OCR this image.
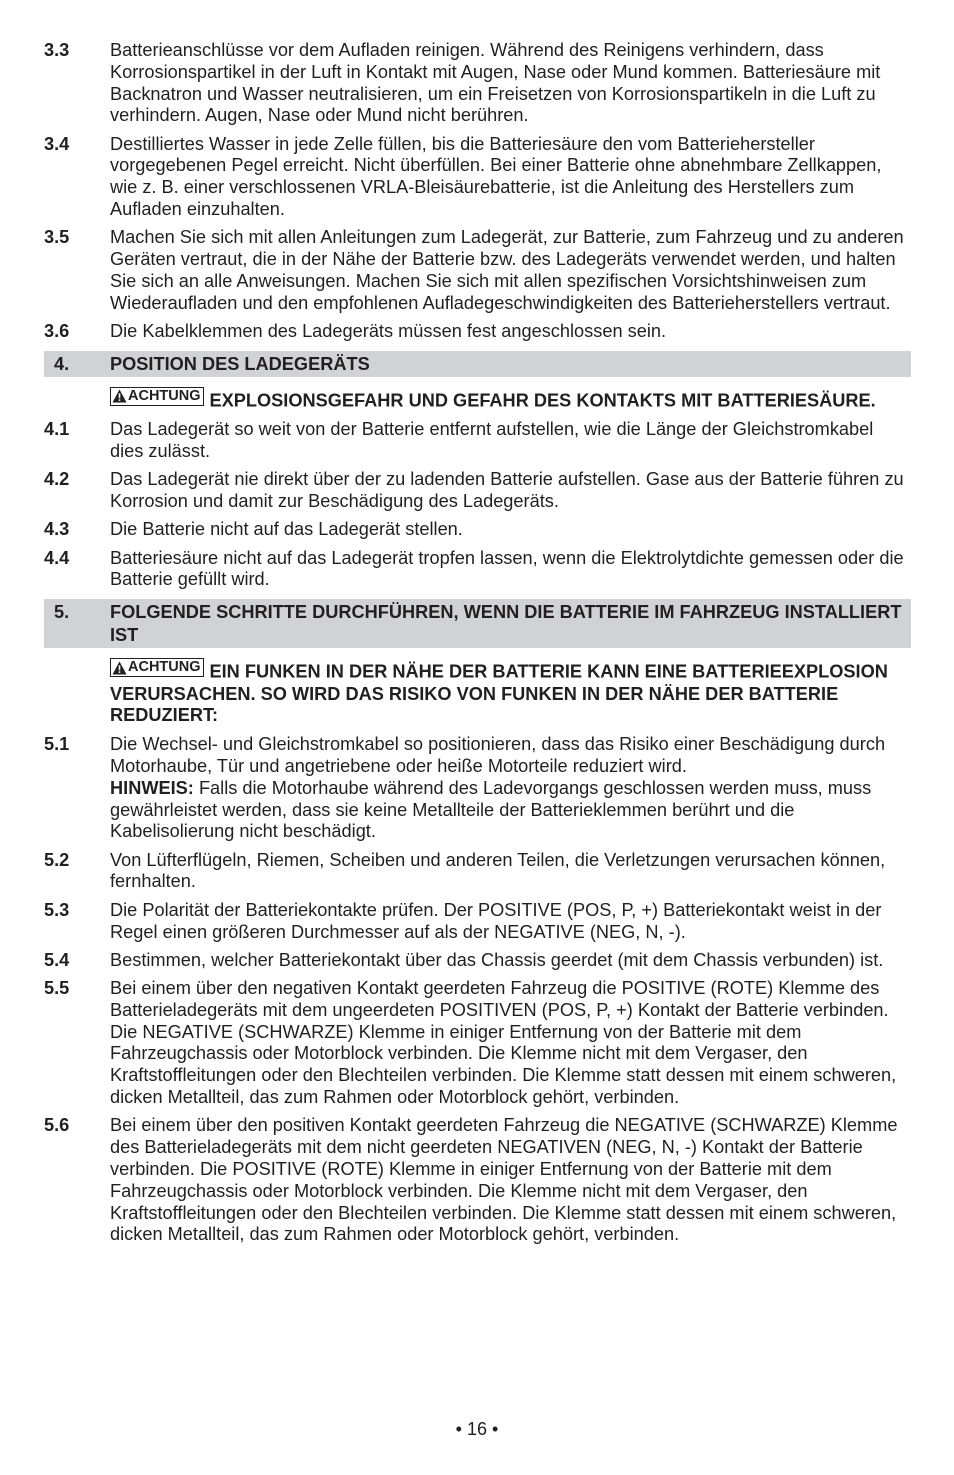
3.3	Batterieanschlüsse vor dem Aufladen reinigen. Während des Reinigens verhindern, dass Korrosionspartikel in der Luft in Kontakt mit Augen, Nase oder Mund kommen. Batteriesäure mit Backnatron und Wasser neutralisieren, um ein Freisetzen von Korrosionspartikeln in die Luft zu verhindern. Augen, Nase oder Mund nicht berühren.
3.4	Destilliertes Wasser in jede Zelle füllen, bis die Batteriesäure den vom Batteriehersteller vorgegebenen Pegel erreicht. Nicht überfüllen. Bei einer Batterie ohne abnehmbare Zellkappen, wie z. B. einer verschlossenen VRLA-Bleisäurebatterie, ist die Anleitung des Herstellers zum Aufladen einzuhalten.
3.5	Machen Sie sich mit allen Anleitungen zum Ladegerät, zur Batterie, zum Fahrzeug und zu anderen Geräten vertraut, die in der Nähe der Batterie bzw. des Ladegeräts verwendet werden, und halten Sie sich an alle Anweisungen. Machen Sie sich mit allen spezifischen Vorsichtshinweisen zum Wiederaufladen und den empfohlenen Aufladegeschwindigkeiten des Batterieherstellers vertraut.
3.6	Die Kabelklemmen des Ladegeräts müssen fest angeschlossen sein.
4.	POSITION DES LADEGERÄTS
ACHTUNG EXPLOSIONSGEFAHR UND GEFAHR DES KONTAKTS MIT BATTERIESÄURE.
4.1	Das Ladegerät so weit von der Batterie entfernt aufstellen, wie die Länge der Gleichstromkabel dies zulässt.
4.2	Das Ladegerät nie direkt über der zu ladenden Batterie aufstellen. Gase aus der Batterie führen zu Korrosion und damit zur Beschädigung des Ladegeräts.
4.3	Die Batterie nicht auf das Ladegerät stellen.
4.4	Batteriesäure nicht auf das Ladegerät tropfen lassen, wenn die Elektrolytdichte gemessen oder die Batterie gefüllt wird.
5.	FOLGENDE SCHRITTE DURCHFÜHREN, WENN DIE BATTERIE IM FAHRZEUG INSTALLIERT IST
ACHTUNG EIN FUNKEN IN DER NÄHE DER BATTERIE KANN EINE BATTERIEEXPLOSION VERURSACHEN. SO WIRD DAS RISIKO VON FUNKEN IN DER NÄHE DER BATTERIE REDUZIERT:
5.1	Die Wechsel- und Gleichstromkabel so positionieren, dass das Risiko einer Beschädigung durch Motorhaube, Tür und angetriebene oder heiße Motorteile reduziert wird.
HINWEIS: Falls die Motorhaube während des Ladevorgangs geschlossen werden muss, muss gewährleistet werden, dass sie keine Metallteile der Batterieklemmen berührt und die Kabelisolierung nicht beschädigt.
5.2	Von Lüfterflügeln, Riemen, Scheiben und anderen Teilen, die Verletzungen verursachen können, fernhalten.
5.3	Die Polarität der Batteriekontakte prüfen. Der POSITIVE (POS, P, +) Batteriekontakt weist in der Regel einen größeren Durchmesser auf als der NEGATIVE (NEG, N, -).
5.4	Bestimmen, welcher Batteriekontakt über das Chassis geerdet (mit dem Chassis verbunden) ist.
5.5	Bei einem über den negativen Kontakt geerdeten Fahrzeug die POSITIVE (ROTE) Klemme des Batterieladegeräts mit dem ungeerdeten POSITIVEN (POS, P, +) Kontakt der Batterie verbinden. Die NEGATIVE (SCHWARZE) Klemme in einiger Entfernung von der Batterie mit dem Fahrzeugchassis oder Motorblock verbinden. Die Klemme nicht mit dem Vergaser, den Kraftstoffleitungen oder den Blechteilen verbinden. Die Klemme statt dessen mit einem schweren, dicken Metallteil, das zum Rahmen oder Motorblock gehört, verbinden.
5.6	Bei einem über den positiven Kontakt geerdeten Fahrzeug die NEGATIVE (SCHWARZE) Klemme des Batterieladegeräts mit dem nicht geerdeten NEGATIVEN (NEG, N, -) Kontakt der Batterie verbinden. Die POSITIVE (ROTE) Klemme in einiger Entfernung von der Batterie mit dem Fahrzeugchassis oder Motorblock verbinden. Die Klemme nicht mit dem Vergaser, den Kraftstoffleitungen oder den Blechteilen verbinden. Die Klemme statt dessen mit einem schweren, dicken Metallteil, das zum Rahmen oder Motorblock gehört, verbinden.
• 16 •
